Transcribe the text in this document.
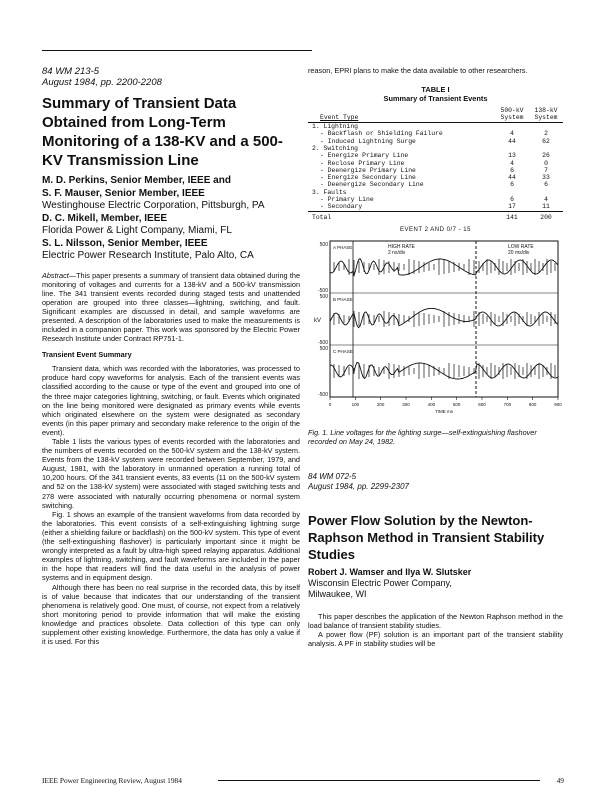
84 WM 213-5
August 1984, pp. 2200-2208
Summary of Transient Data Obtained from Long-Term Monitoring of a 138-KV and a 500-KV Transmission Line
M. D. Perkins, Senior Member, IEEE and
S. F. Mauser, Senior Member, IEEE
Westinghouse Electric Corporation, Pittsburgh, PA
D. C. Mikell, Member, IEEE
Florida Power & Light Company, Miami, FL
S. L. Nilsson, Senior Member, IEEE
Electric Power Research Institute, Palo Alto, CA

Abstract—This paper presents a summary of transient data obtained during the monitoring of voltages and currents for a 138-kV and a 500-kV transmission line. The 341 transient events recorded during staged tests and unattended operation are grouped into three classes—lightning, switching, and fault. Significant examples are discussed in detail, and sample waveforms are presented. A description of the laboratories used to make the measurements is included in a companion paper. This work was sponsored by the Electric Power Research Institute under Contract RP751-1.

Transient Event Summary

Transient data, which was recorded with the laboratories, was processed to produce hard copy waveforms for analysis. Each of the transient events was classified according to the cause or type of the event and grouped into one of the three major categories lightning, switching, or fault. Events which originated on the line being monitored were designated as primary events while events which originated elsewhere on the system were designated as secondary events (in this paper primary and secondary make reference to the origin of the event).

Table 1 lists the various types of events recorded with the laboratories and the numbers of events recorded on the 500-kV system and the 138-kV system. Events from the 138-kV system were recorded between September, 1979, and August, 1981, with the laboratory in unmanned operation a running total of 10,200 hours. Of the 341 transient events, 83 events (11 on the 500-kV system and 52 on the 138-kV system) were associated with staged switching tests and 278 were associated with naturally occurring phenomena or normal system switching.

Fig. 1 shows an example of the transient waveforms from data recorded by the laboratories. This event consists of a self-extinguishing lightning surge (either a shielding failure or backflash) on the 500-kV system. This type of event (the self-extinguishing flashover) is particularly important since it might be wrongly interpreted as a fault by ultra-high speed relaying apparatus. Additional examples of lightning, switching, and fault waveforms are included in the paper in the hope that readers will find the data useful in the analysis of power systems and in equipment design.

Although there has been no real surprise in the recorded data, this by itself is of value because that indicates that our understanding of the transient phenomena is relatively good. One must, of course, not expect from a relatively short monitoring period to provide information that will make the existing knowledge and practices obsolete. Data collection of this type can only supplement other existing knowledge. Furthermore, the data has only a value if it is used. For this

reason, EPRI plans to make the data available to other researchers.

TABLE I
Summary of Transient Events
Event Type	500-kV System	138-kV System
1. Lightning		
- Backflash or Shielding Failure	4	2
- Induced Lightning Surge	44	62
2. Switching		
- Energize Primary Line	13	26
- Reclose Primary Line	4	0
- Deenergize Primary Line	6	7
- Energize Secondary Line	44	33
- Deenergize Secondary Line	6	6
3. Faults		
- Primary Line	6	4
- Secondary	17	11
Total	141	200
EVENT 2 AND 0/7 - 15
HIGH RATE
2 ns/div
LOW RATE
20 ms/div
A PHASE
500
-500
B PHASE
500
-500
C PHASE
500
-500
kV
0	100	200	300	400	500	600	700	800	900
TIME ms
Fig. 1. Line voltages for the lighting surge—self-extinguishing flashover recorded on May 24, 1982.
84 WM 072-5
August 1984, pp. 2299-2307
Power Flow Solution by the Newton-Raphson Method in Transient Stability Studies
Robert J. Wamser and Ilya W. Slutsker
Wisconsin Electric Power Company,
Milwaukee, WI

This paper describes the application of the Newton Raphson method in the load balance of transient stability studies.

A power flow (PF) solution is an important part of the transient stability analysis. A PF in stability studies will be

IEEE Power Engineering Review, August 1984	49
